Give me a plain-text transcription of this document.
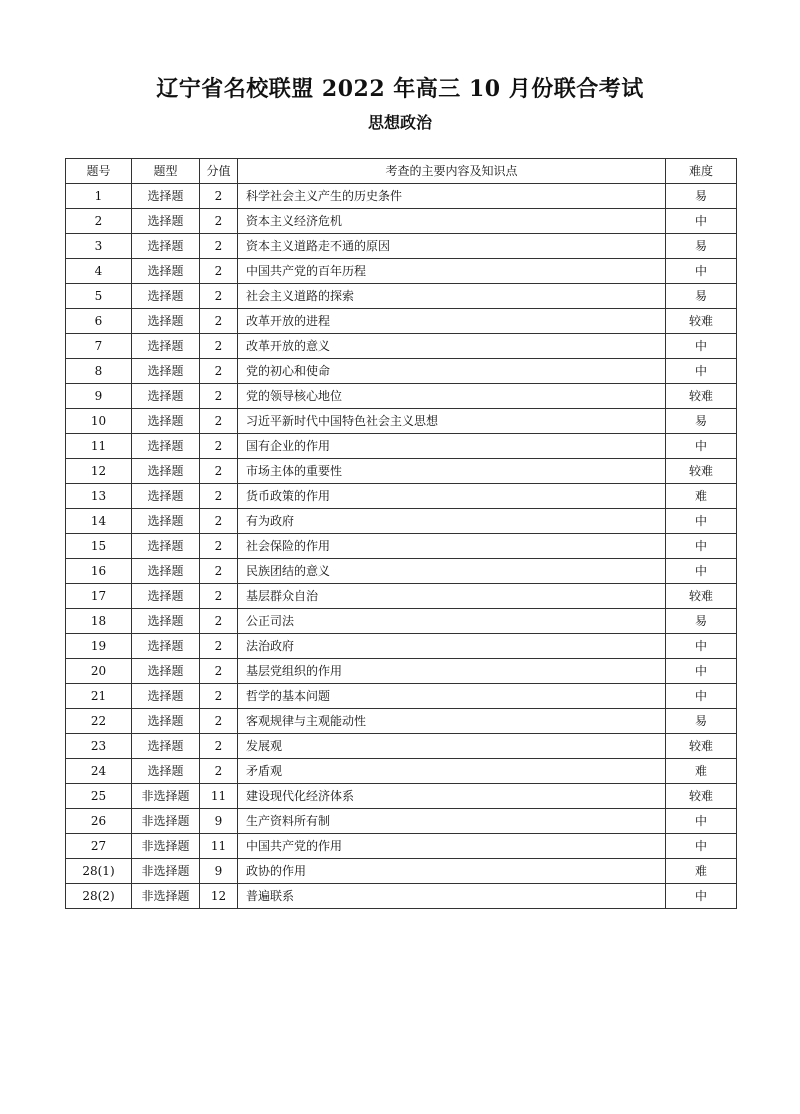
辽宁省名校联盟 2022 年高三 10 月份联合考试
思想政治
题号	题型	分值	考查的主要内容及知识点	难度
1	选择题	2	科学社会主义产生的历史条件	易
2	选择题	2	资本主义经济危机	中
3	选择题	2	资本主义道路走不通的原因	易
4	选择题	2	中国共产党的百年历程	中
5	选择题	2	社会主义道路的探索	易
6	选择题	2	改革开放的进程	较难
7	选择题	2	改革开放的意义	中
8	选择题	2	党的初心和使命	中
9	选择题	2	党的领导核心地位	较难
10	选择题	2	习近平新时代中国特色社会主义思想	易
11	选择题	2	国有企业的作用	中
12	选择题	2	市场主体的重要性	较难
13	选择题	2	货币政策的作用	难
14	选择题	2	有为政府	中
15	选择题	2	社会保险的作用	中
16	选择题	2	民族团结的意义	中
17	选择题	2	基层群众自治	较难
18	选择题	2	公正司法	易
19	选择题	2	法治政府	中
20	选择题	2	基层党组织的作用	中
21	选择题	2	哲学的基本问题	中
22	选择题	2	客观规律与主观能动性	易
23	选择题	2	发展观	较难
24	选择题	2	矛盾观	难
25	非选择题	11	建设现代化经济体系	较难
26	非选择题	9	生产资料所有制	中
27	非选择题	11	中国共产党的作用	中
28(1)	非选择题	9	政协的作用	难
28(2)	非选择题	12	普遍联系	中
